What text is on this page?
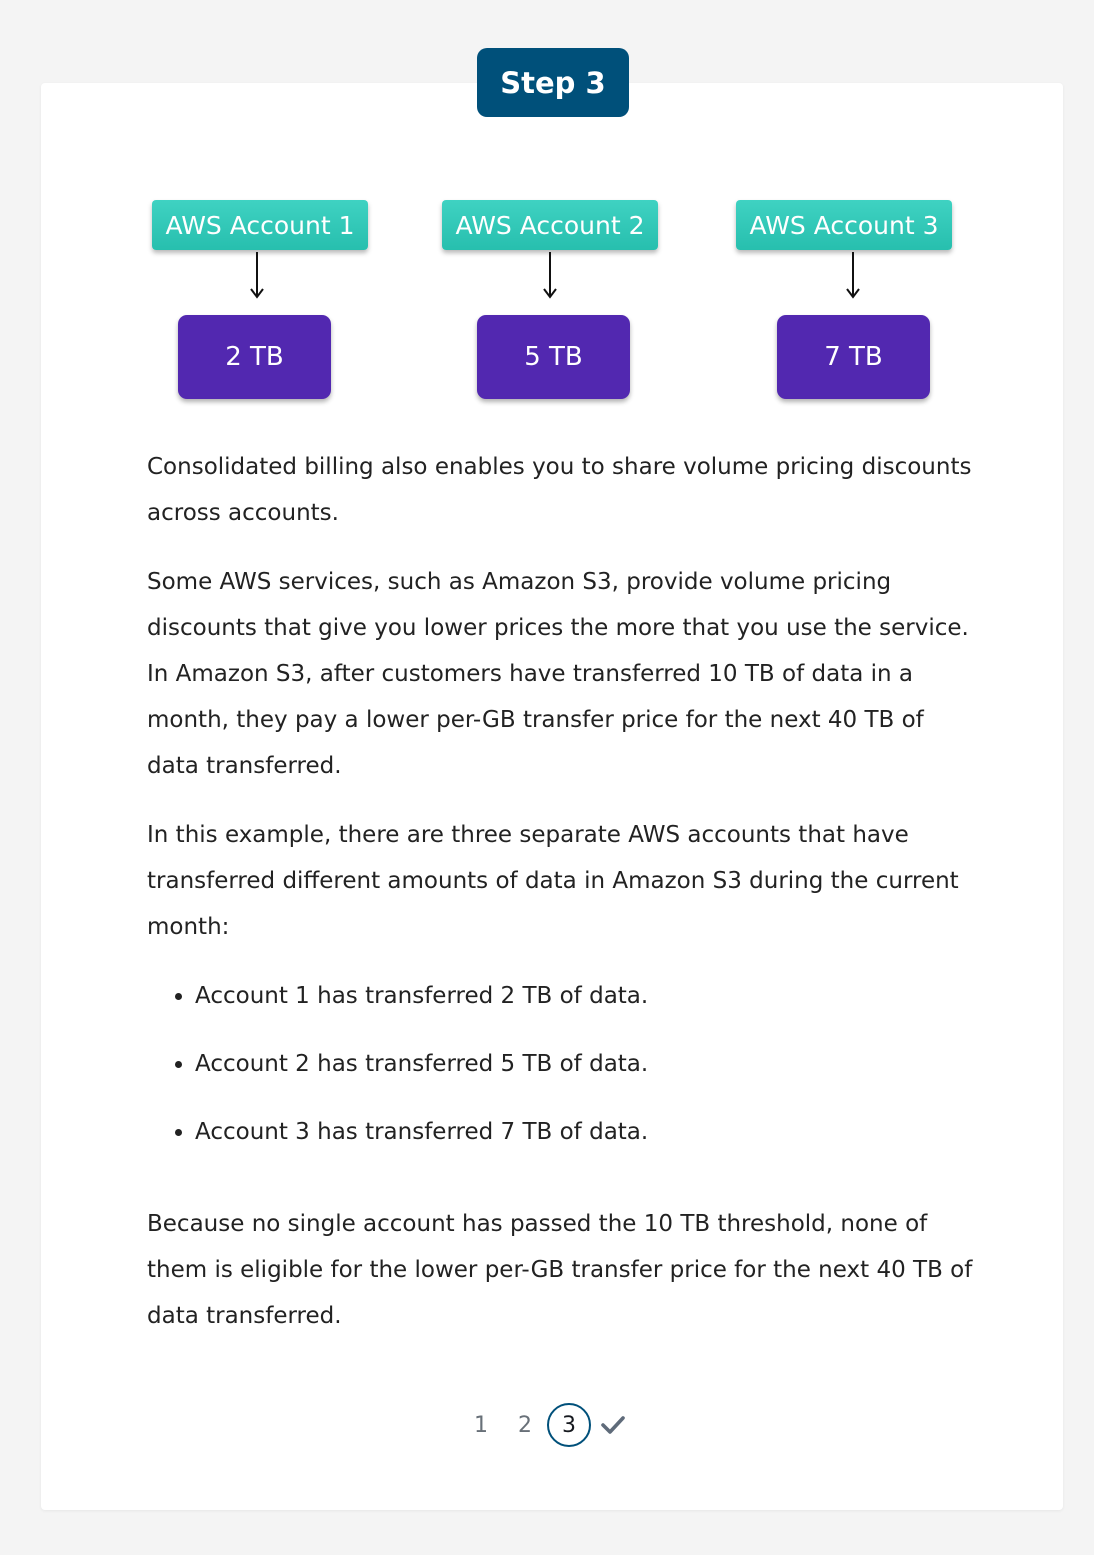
Step 3
AWS Account 1	AWS Account 2	AWS Account 3
2 TB	5 TB	7 TB

Consolidated billing also enables you to share volume pricing discounts across accounts.

Some AWS services, such as Amazon S3, provide volume pricing discounts that give you lower prices the more that you use the service. In Amazon S3, after customers have transferred 10 TB of data in a month, they pay a lower per-GB transfer price for the next 40 TB of data transferred.

In this example, there are three separate AWS accounts that have transferred different amounts of data in Amazon S3 during the current month:

• Account 1 has transferred 2 TB of data.
• Account 2 has transferred 5 TB of data.
• Account 3 has transferred 7 TB of data.

Because no single account has passed the 10 TB threshold, none of them is eligible for the lower per-GB transfer price for the next 40 TB of data transferred.

1	2	3
